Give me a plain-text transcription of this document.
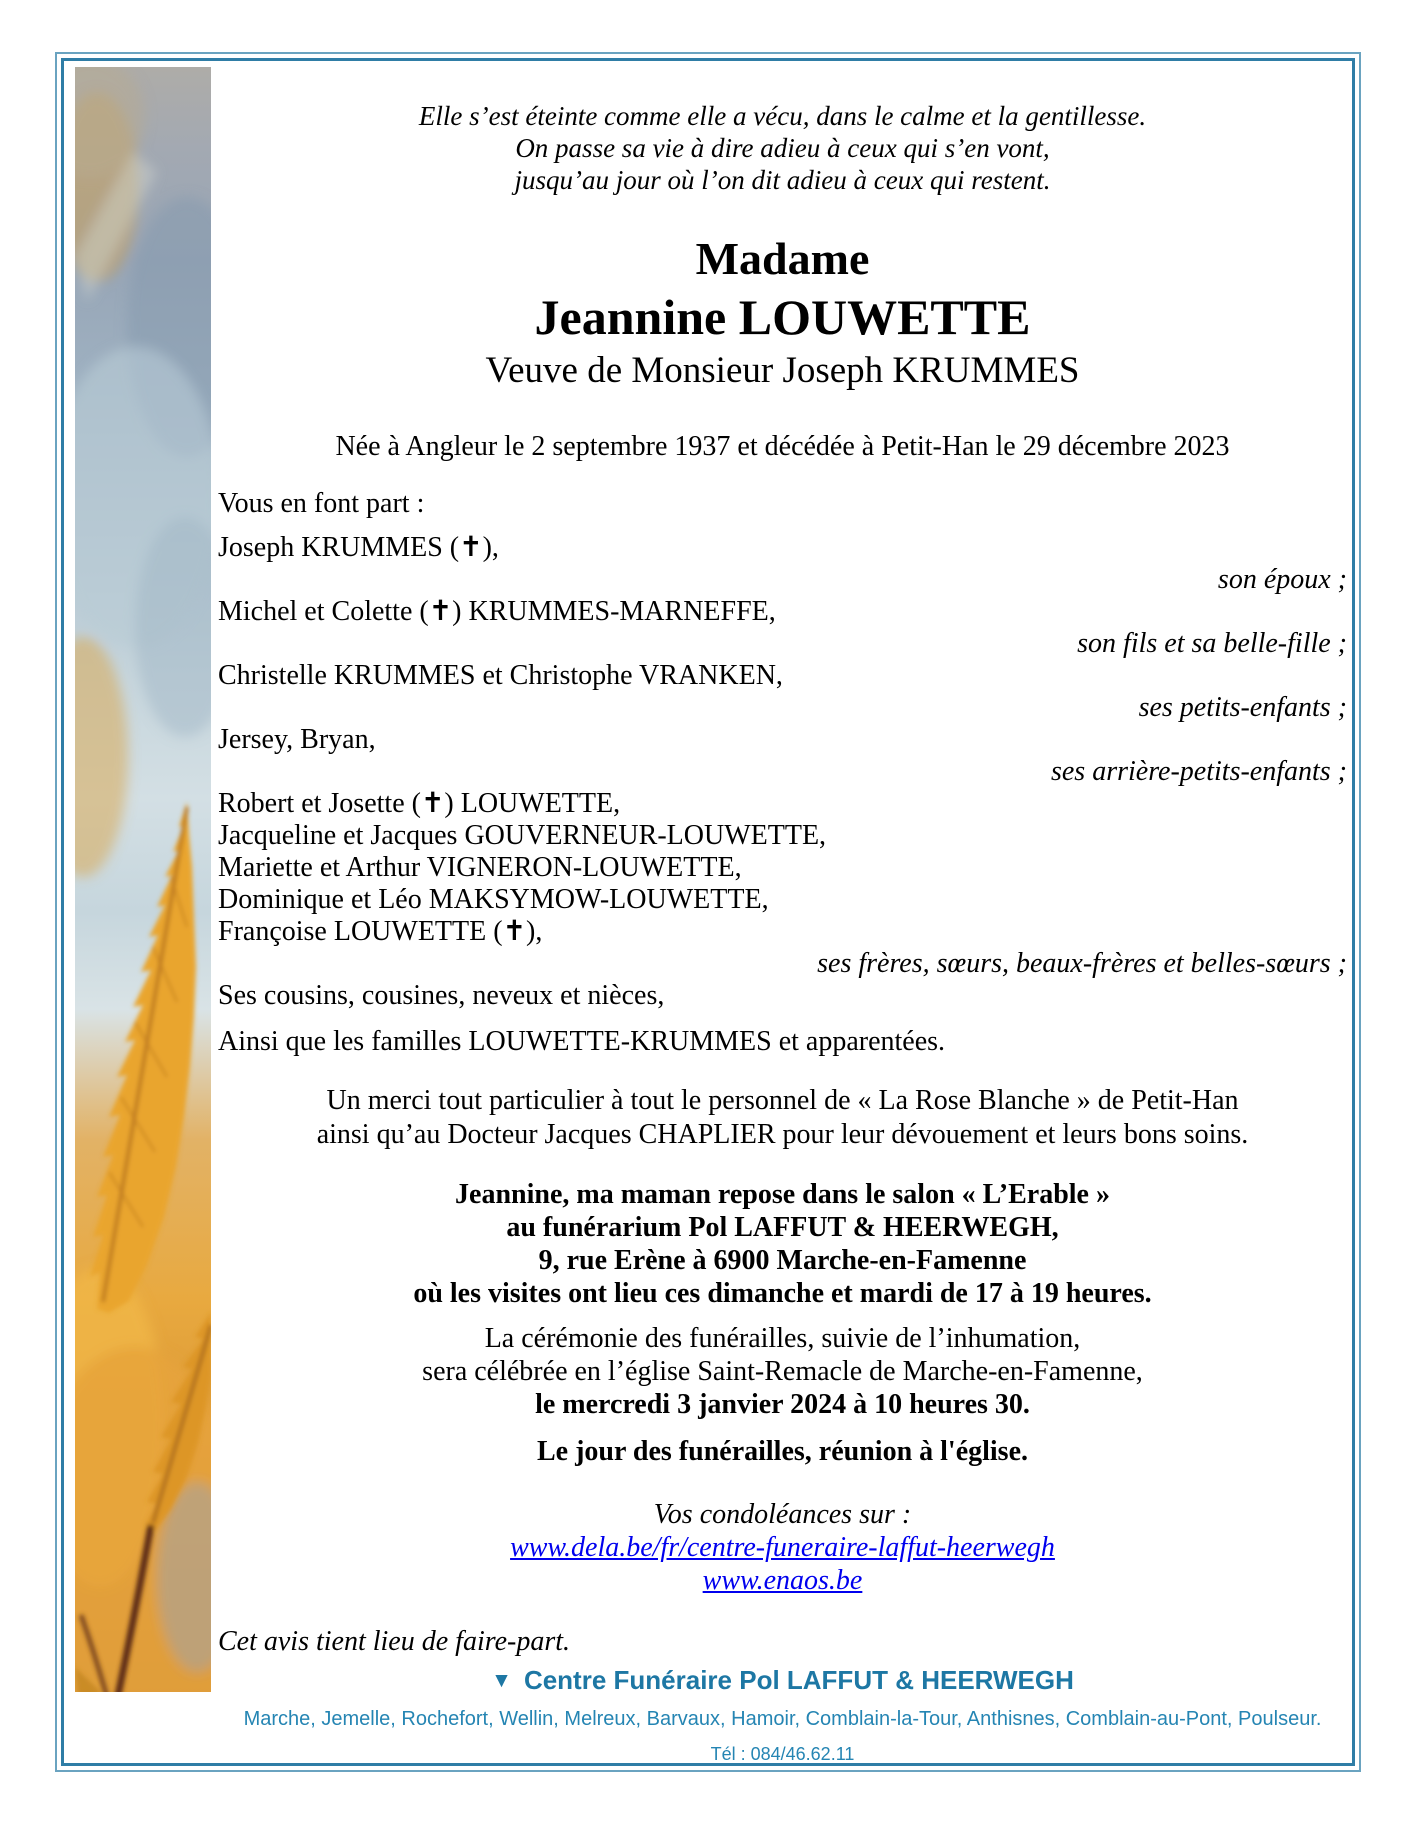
Elle s’est éteinte comme elle a vécu, dans le calme et la gentillesse.
On passe sa vie à dire adieu à ceux qui s’en vont,
jusqu’au jour où l’on dit adieu à ceux qui restent.
Madame
Jeannine LOUWETTE
Veuve de Monsieur Joseph KRUMMES
Née à Angleur le 2 septembre 1937 et décédée à Petit-Han le 29 décembre 2023
Vous en font part :
Joseph KRUMMES (✝),
son époux ;
Michel et Colette (✝) KRUMMES-MARNEFFE,
son fils et sa belle-fille ;
Christelle KRUMMES et Christophe VRANKEN,
ses petits-enfants ;
Jersey, Bryan,
ses arrière-petits-enfants ;
Robert et Josette (✝) LOUWETTE,
Jacqueline et Jacques GOUVERNEUR-LOUWETTE,
Mariette et Arthur VIGNERON-LOUWETTE,
Dominique et Léo MAKSYMOW-LOUWETTE,
Françoise LOUWETTE (✝),
ses frères, sœurs, beaux-frères et belles-sœurs ;
Ses cousins, cousines, neveux et nièces,
Ainsi que les familles LOUWETTE-KRUMMES et apparentées.
Un merci tout particulier à tout le personnel de « La Rose Blanche » de Petit-Han
ainsi qu’au Docteur Jacques CHAPLIER pour leur dévouement et leurs bons soins.
Jeannine, ma maman repose dans le salon « L’Erable »
au funérarium Pol LAFFUT & HEERWEGH,
9, rue Erène à 6900 Marche-en-Famenne
où les visites ont lieu ces dimanche et mardi de 17 à 19 heures.
La cérémonie des funérailles, suivie de l’inhumation,
sera célébrée en l’église Saint-Remacle de Marche-en-Famenne,
le mercredi 3 janvier 2024 à 10 heures 30.
Le jour des funérailles, réunion à l'église.
Vos condoléances sur :
www.dela.be/fr/centre-funeraire-laffut-heerwegh
www.enaos.be
Cet avis tient lieu de faire-part.
▼ Centre Funéraire Pol LAFFUT & HEERWEGH
Marche, Jemelle, Rochefort, Wellin, Melreux, Barvaux, Hamoir, Comblain-la-Tour, Anthisnes, Comblain-au-Pont, Poulseur.
Tél : 084/46.62.11
